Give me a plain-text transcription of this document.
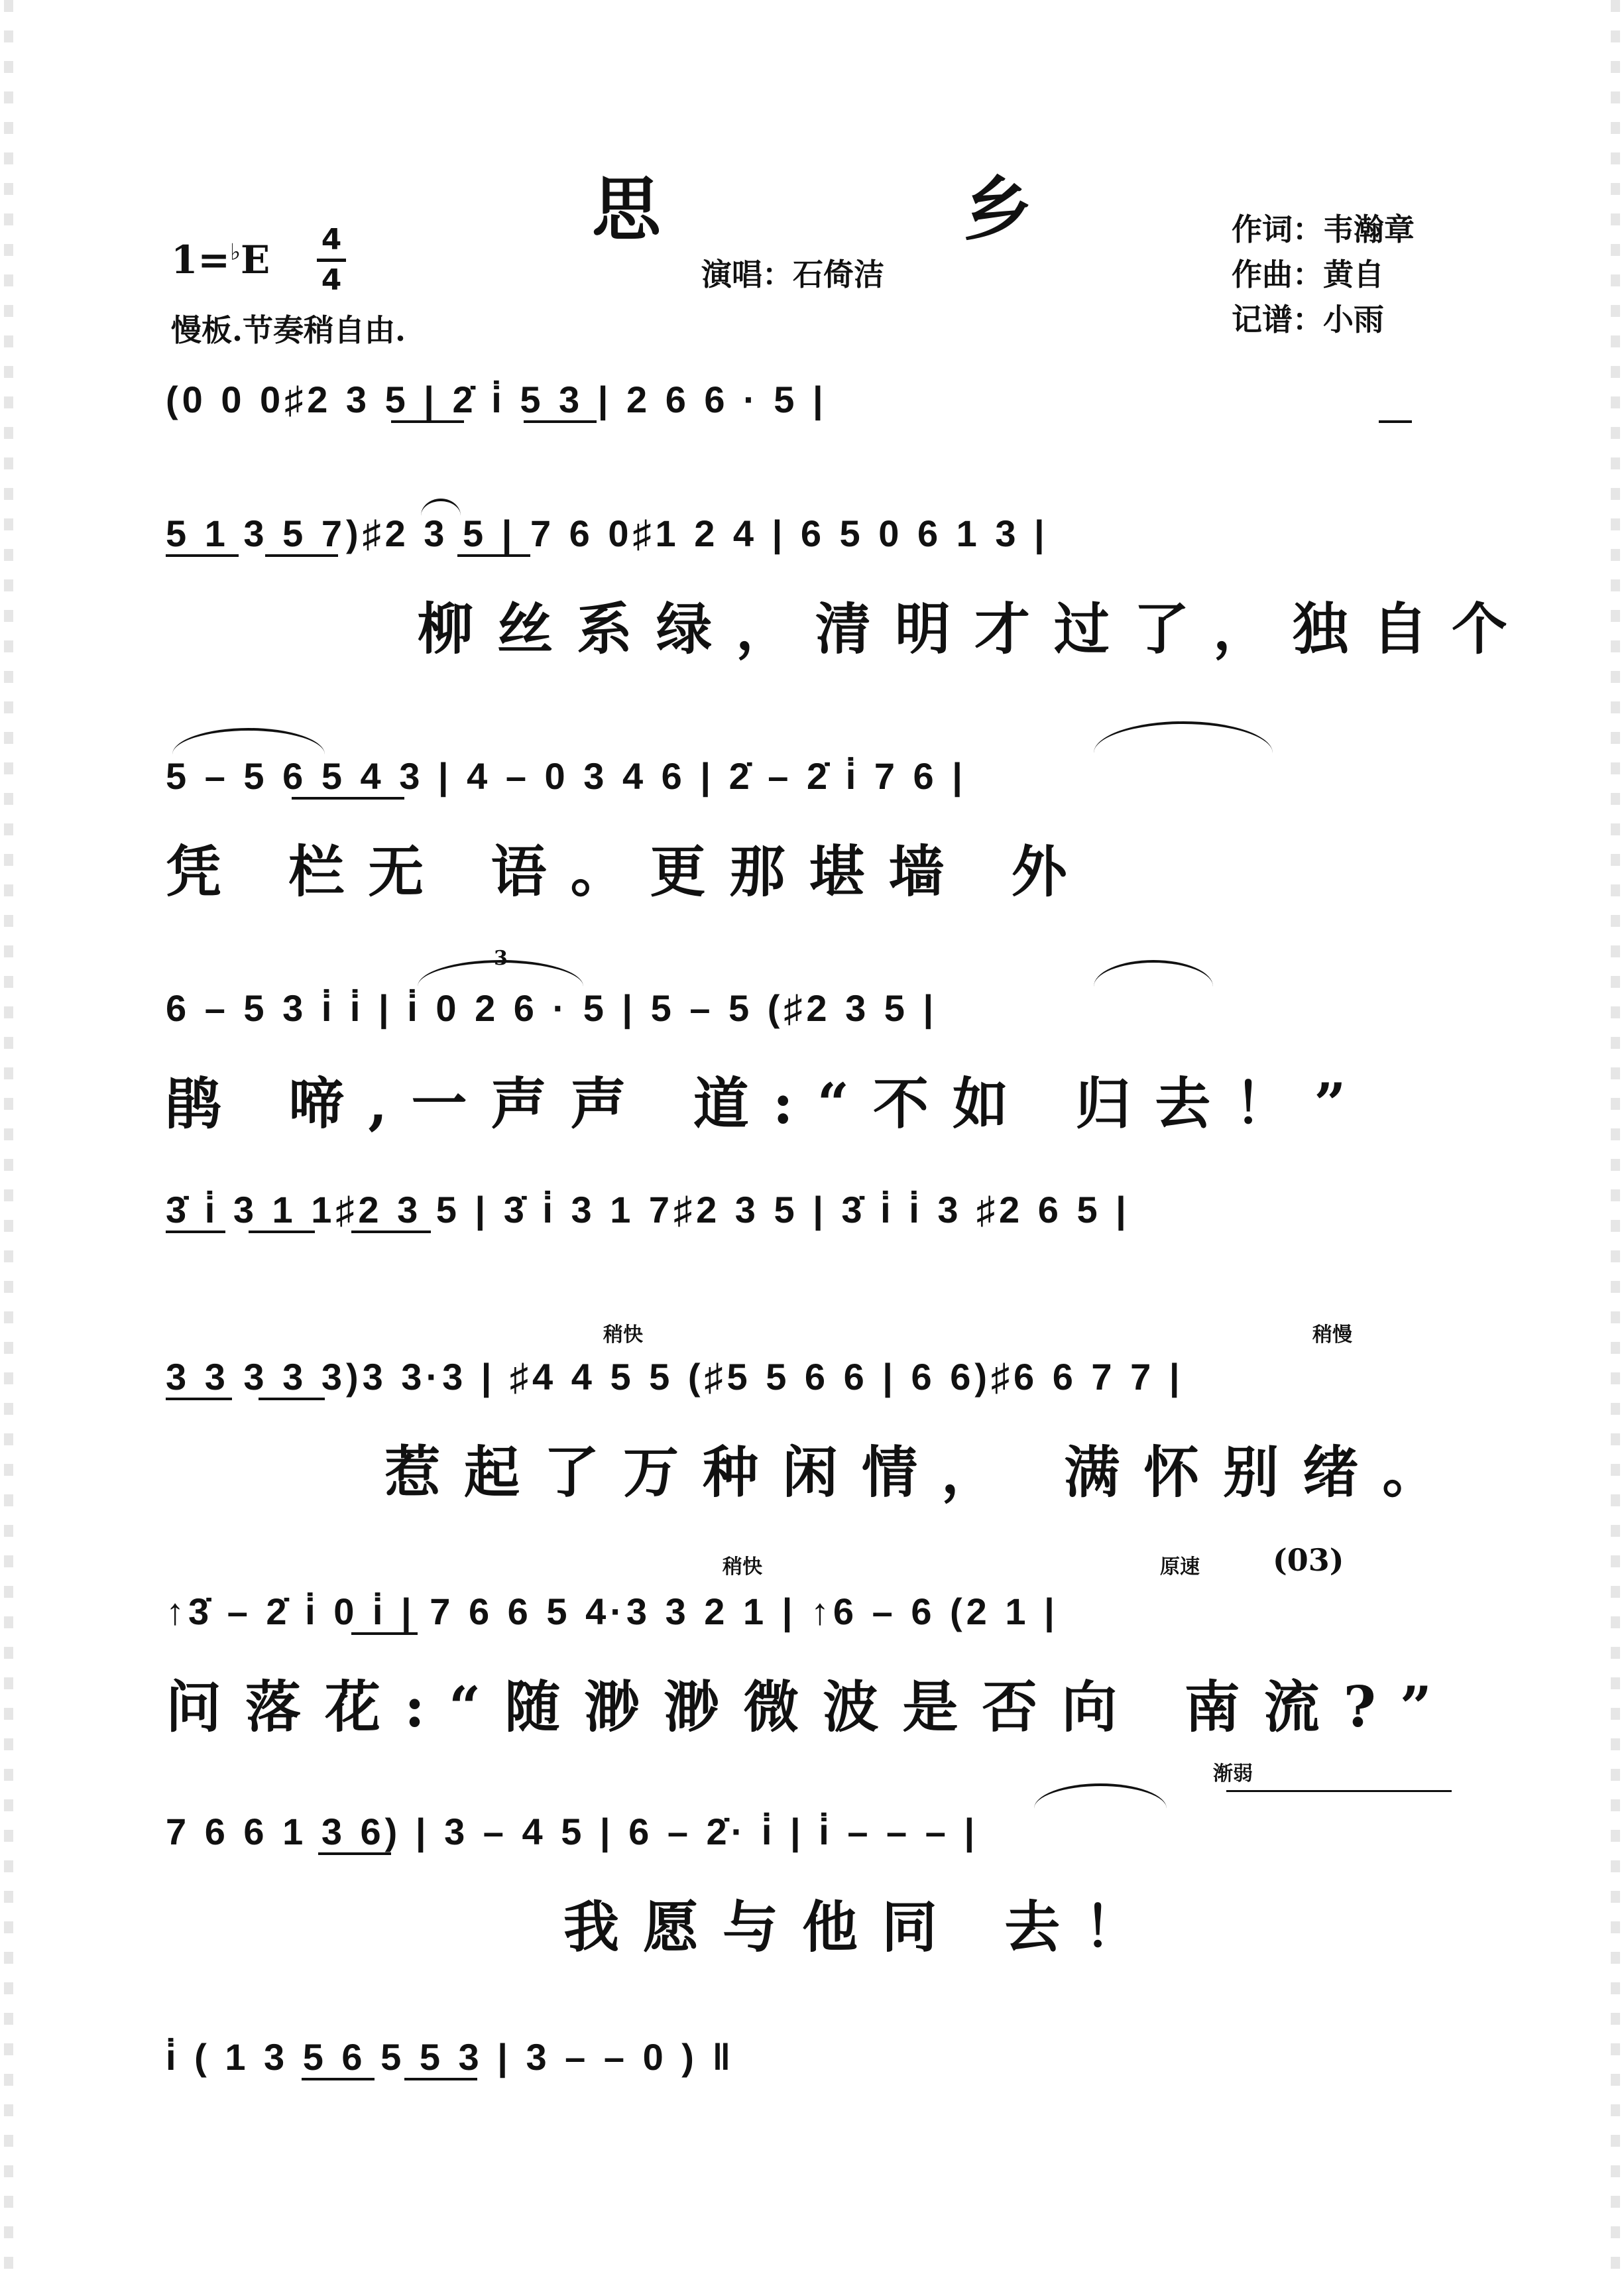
思 乡
演唱：石倚洁
作词：韦瀚章
作曲：黄自
记谱：小雨
1=♭E 4
4
慢板.节奏稍自由.
(0 0 0♯2 3 5 | 2̇ i̇ 5 3 | 2 6 6 · 5 |
5 1 3 5 7)♯2 3 5 | 7 6 0♯1 2 4 | 6 5 0 6 1 3 |
柳丝系绿，清明才过了，独自个
5 – 5 6 5 4 3 | 4 – 0 3 4 6 | 2̇ – 2̇ i̇ 7 6 |
凭 栏无 语。更那堪墙 外
6 – 5 3 i̇ i̇ | i̇ 0 2 6 · 5 | 5 – 5 (♯2 3 5 |
3
鹃 啼,一声声 道:“不如 归去！”
3̇ i̇ 3 1 1♯2 3 5 | 3̇ i̇ 3 1 7♯2 3 5 | 3̇ i̇ i̇ 3 ♯2 6 5 |
稍快	稍慢
3 3 3 3 3)3 3·3 | ♯4 4 5 5 (♯5 5 6 6 | 6 6)♯6 6 7 7 |
惹起了万种闲情， 满怀别绪。
稍快	原速 (03)
↑3̇ – 2̇ i̇ 0 i̇ | 7 6 6 5 4·3 3 2 1 | ↑6 – 6 (2 1 |
问落花:“随渺渺微波是否向 南流?”
渐弱
7 6 6 1 3 6) | 3 – 4 5 | 6 – 2̇· i̇ | i̇ – – – |
我愿与他同 去！
i̇ ( 1 3 5 6 5 5 3 | 3 – – 0 ) ‖
